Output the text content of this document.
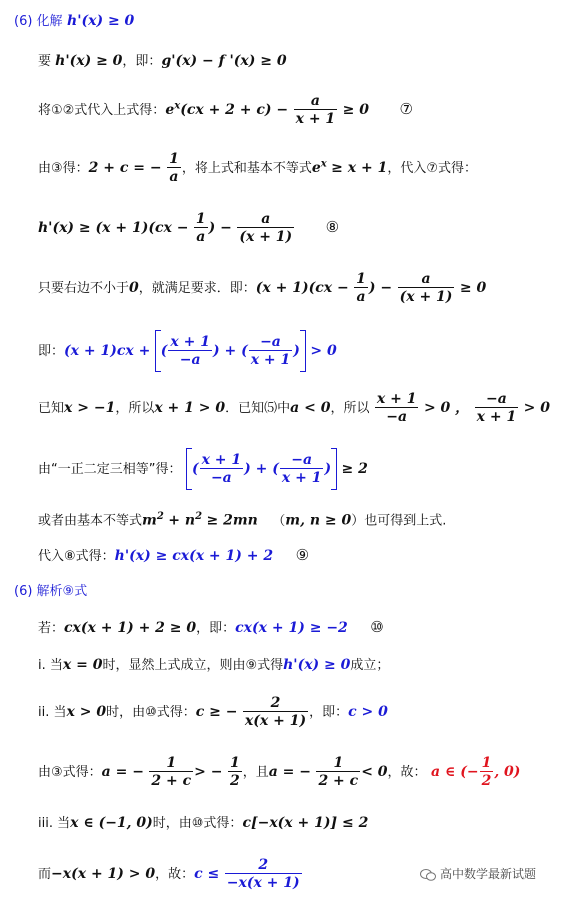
(6) 化解 h'(x) ≥ 0
要 h'(x) ≥ 0，即：g'(x) − f '(x) ≥ 0
将①②式代入上式得：$e^x(cx + 2 + c) - \frac{a}{x + 1} \ge 0$ ⑦
由③得：2 + c = − $\frac{1}{a}$ ，将上式和基本不等式$e^x \ge x + 1$，代入⑦式得：
$h'(x) \ge (x + 1)(cx - \frac{1}{a}$ ) − $\frac{a}{(x + 1)}$ ⑧
只要右边不小于0，就满足要求．即：$(x + 1)(cx - \frac{1}{a}$ ) − $\frac{a}{(x + 1)} \ge 0$
即：(x + 1)cx + ( $\frac{x + 1}{-a}$ ) + ( $\frac{-a}{x + 1}$ ) > 0
已知x > −1，所以x + 1 > 0．已知⑸中a < 0，所以 $\frac{x + 1}{-a} > 0$ ， $\frac{-a}{x + 1} > 0$
由“一正二定三相等”得： ( $\frac{x + 1}{-a}$ ) + ( $\frac{-a}{x + 1}$ ) ≥ 2
或者由基本不等式$m^2 + n^2 \ge 2mn$ （m, n ≥ 0）也可得到上式.
代入⑧式得：h'(x) ≥ cx(x + 1) + 2 ⑨
(6) 解析⑨式
若：cx(x + 1) + 2 ≥ 0，即：cx(x + 1) ≥ −2 ⑩
i. 当x = 0时，显然上式成立，则由⑨式得h'(x) ≥ 0成立；
ii. 当x > 0时，由⑩式得：c ≥ − $\frac{2}{x(x + 1)}$ ，即：c > 0
由③式得：a = − $\frac{1}{2 + c}$ > − $\frac{1}{2}$ ，且a = − $\frac{1}{2 + c} < 0$，故： a ∈ (− $\frac{1}{2}$ , 0)
iii. 当x ∈ (−1, 0)时，由⑩式得：c[−x(x + 1)] ≤ 2
而−x(x + 1) > 0，故：$c \le \frac{2}{-x(x + 1)}$	高中数学最新试题
